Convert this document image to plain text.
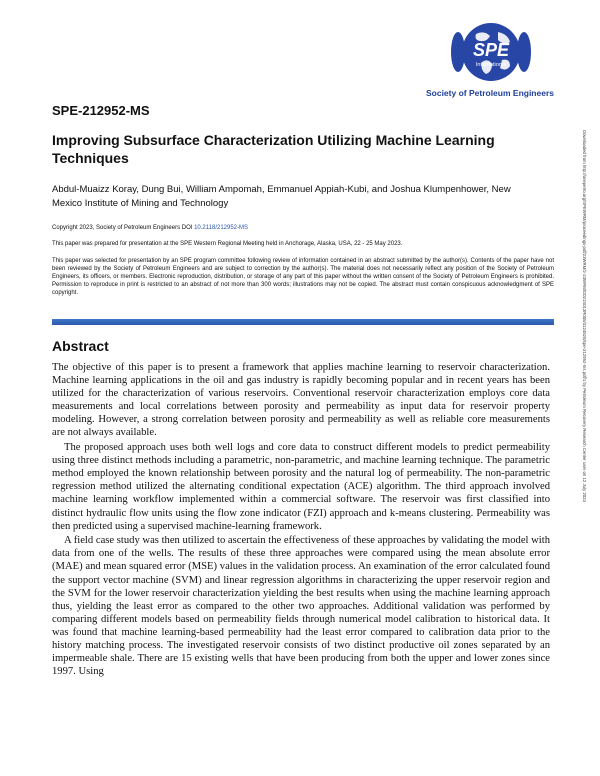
SPE
International
Society of Petroleum Engineers
SPE-212952-MS
Improving Subsurface Characterization Utilizing Machine Learning Techniques
Abdul-Muaizz Koray, Dung Bui, William Ampomah, Emmanuel Appiah-Kubi, and Joshua Klumpenhower, New Mexico Institute of Mining and Technology
Copyright 2023, Society of Petroleum Engineers DOI 10.2118/212952-MS
This paper was prepared for presentation at the SPE Western Regional Meeting held in Anchorage, Alaska, USA, 22 - 25 May 2023.
This paper was selected for presentation by an SPE program committee following review of information contained in an abstract submitted by the author(s). Contents of the paper have not been reviewed by the Society of Petroleum Engineers and are subject to correction by the author(s). The material does not necessarily reflect any position of the Society of Petroleum Engineers, its officers, or members. Electronic reproduction, distribution, or storage of any part of this paper without the written consent of the Society of Petroleum Engineers is prohibited. Permission to reproduce in print is restricted to an abstract of not more than 300 words; illustrations may not be copied. The abstract must contain conspicuous acknowledgment of SPE copyright.
Abstract

The objective of this paper is to present a framework that applies machine learning to reservoir characterization. Machine learning applications in the oil and gas industry is rapidly becoming popular and in recent years has been utilized for the characterization of various reservoirs. Conventional reservoir characterization employs core data measurements and local correlations between porosity and permeability as input data for reservoir property modeling. However, a strong correlation between porosity and permeability as well as reliable core measurements are not always available.

The proposed approach uses both well logs and core data to construct different models to predict permeability using three distinct methods including a parametric, non-parametric, and machine learning technique. The parametric method employed the known relationship between porosity and the natural log of permeability. The non-parametric regression method utilized the alternating conditional expectation (ACE) algorithm. The third approach involved machine learning workflow implemented within a commercial software. The reservoir was first classified into distinct hydraulic flow units using the flow zone indicator (FZI) approach and k-means clustering. Permeability was then predicted using a supervised machine-learning framework.

A field case study was then utilized to ascertain the effectiveness of these approaches by validating the model with data from one of the wells. The results of these three approaches were compared using the mean absolute error (MAE) and mean squared error (MSE) values in the validation process. An examination of the error calculated found the support vector machine (SVM) and linear regression algorithms in characterizing the upper reservoir region and the SVM for the lower reservoir characterization yielding the best results when using the machine learning approach thus, yielding the least error as compared to the other two approaches. Additional validation was performed by comparing different models based on permeability fields through numerical model calibration to historical data. It was found that machine learning-based permeability had the least error compared to calibration data prior to the history matching process. The investigated reservoir consists of two distinct productive oil zones separated by an impermeable shale. There are 15 existing wells that have been producing from both the upper and lower zones since 1997. Using

Downloaded from http://onepetro.org/SPEWRM/proceedings-pdf/23WRM/2-23WRM/D021S013R005/3124828/spe-212952-ms.pdf/1 by Petroleum Recovery Research Center user on 12 July 2023
